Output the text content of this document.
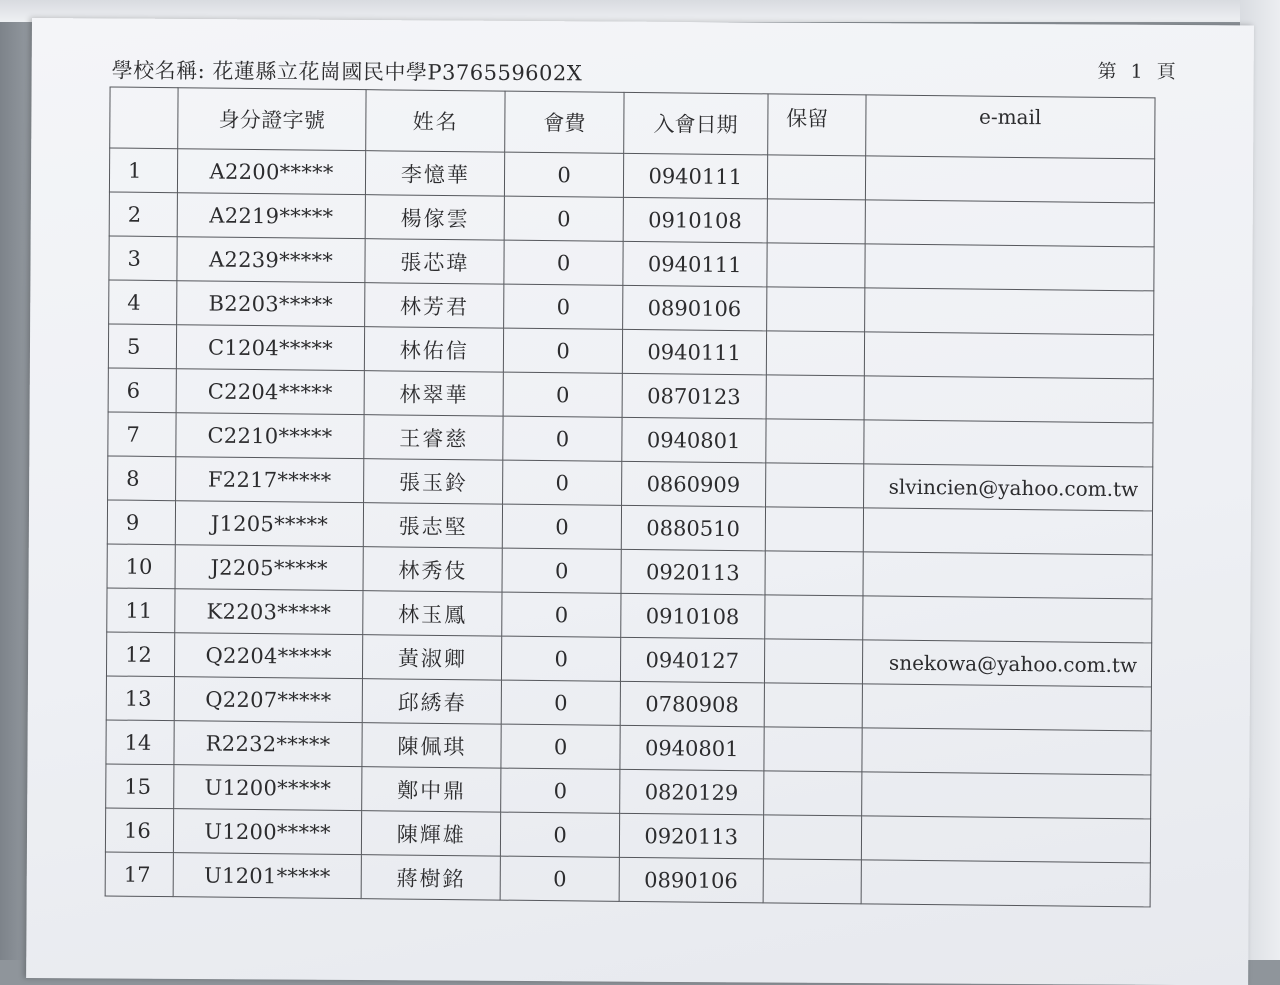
學校名稱: 花蓮縣立花崗國民中學P376559602X	第 1 頁
	身分證字號	姓名	會費	入會日期	保留	e-mail
1	A2200*****	李憶華	0	0940111		
2	A2219*****	楊傢雲	0	0910108		
3	A2239*****	張芯瑋	0	0940111		
4	B2203*****	林芳君	0	0890106		
5	C1204*****	林佑信	0	0940111		
6	C2204*****	林翠華	0	0870123		
7	C2210*****	王睿慈	0	0940801		
8	F2217*****	張玉鈴	0	0860909		slvincien@yahoo.com.tw
9	J1205*****	張志堅	0	0880510		
10	J2205*****	林秀伎	0	0920113		
11	K2203*****	林玉鳳	0	0910108		
12	Q2204*****	黃淑卿	0	0940127		snekowa@yahoo.com.tw
13	Q2207*****	邱綉春	0	0780908		
14	R2232*****	陳佩琪	0	0940801		
15	U1200*****	鄭中鼎	0	0820129		
16	U1200*****	陳輝雄	0	0920113		
17	U1201*****	蔣樹銘	0	0890106		
